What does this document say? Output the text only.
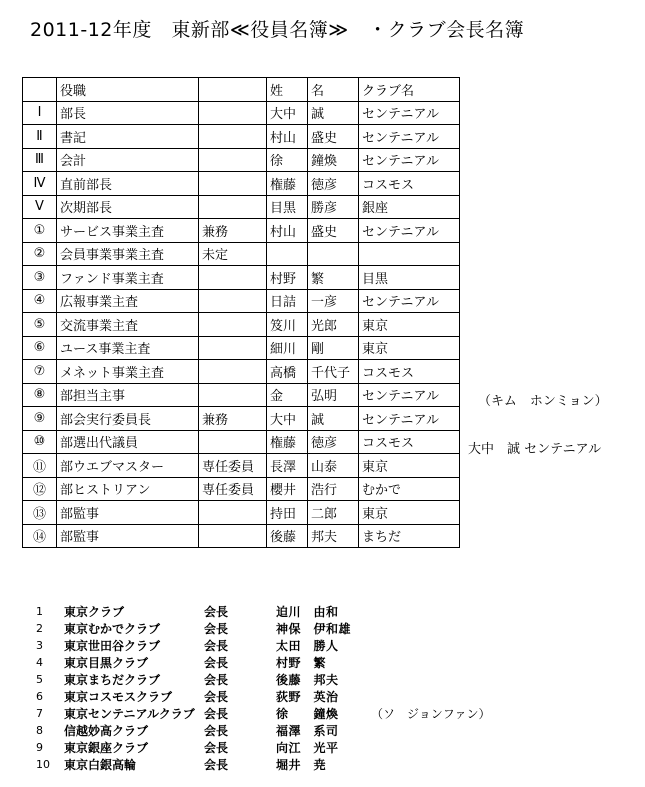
2011-12年度　東新部≪役員名簿≫　・クラブ会長名簿
	役職		姓	名	クラブ名
Ⅰ	部長		大中	誠	センテニアル
Ⅱ	書記		村山	盛史	センテニアル
Ⅲ	会計		徐	鐘煥	センテニアル
Ⅳ	直前部長		権藤	徳彦	コスモス
Ⅴ	次期部長		目黒	勝彦	銀座
①	サービス事業主査	兼務	村山	盛史	センテニアル
②	会員事業事業主査	未定			
③	ファンド事業主査		村野	繁	目黒
④	広報事業主査		日詰	一彦	センテニアル
⑤	交流事業主査		笈川	光郎	東京
⑥	ユース事業主査		細川	剛	東京
⑦	メネット事業主査		高橋	千代子	コスモス
⑧	部担当主事		金	弘明	センテニアル
⑨	部会実行委員長	兼務	大中	誠	センテニアル
⑩	部選出代議員		権藤	徳彦	コスモス
⑪	部ウエブマスター	専任委員	長澤	山泰	東京
⑫	部ヒストリアン	専任委員	櫻井	浩行	むかで
⑬	部監事		持田	二郎	東京
⑭	部監事		後藤	邦夫	まちだ
（キム　ホンミョン）
大中　誠 センテニアル
1	東京クラブ	会長	迫川　由和	
2	東京むかでクラブ	会長	神保　伊和雄	
3	東京世田谷クラブ	会長	太田　勝人	
4	東京目黒クラブ	会長	村野　繁	
5	東京まちだクラブ	会長	後藤　邦夫	
6	東京コスモスクラブ	会長	荻野　英治	
7	東京センテニアルクラブ	会長	徐　　鐘煥	（ソ　ジョンファン）
8	信越妙高クラブ	会長	福澤　系司	
9	東京銀座クラブ	会長	向江　光平	
10	東京白銀高輪	会長	堀井　尭	
